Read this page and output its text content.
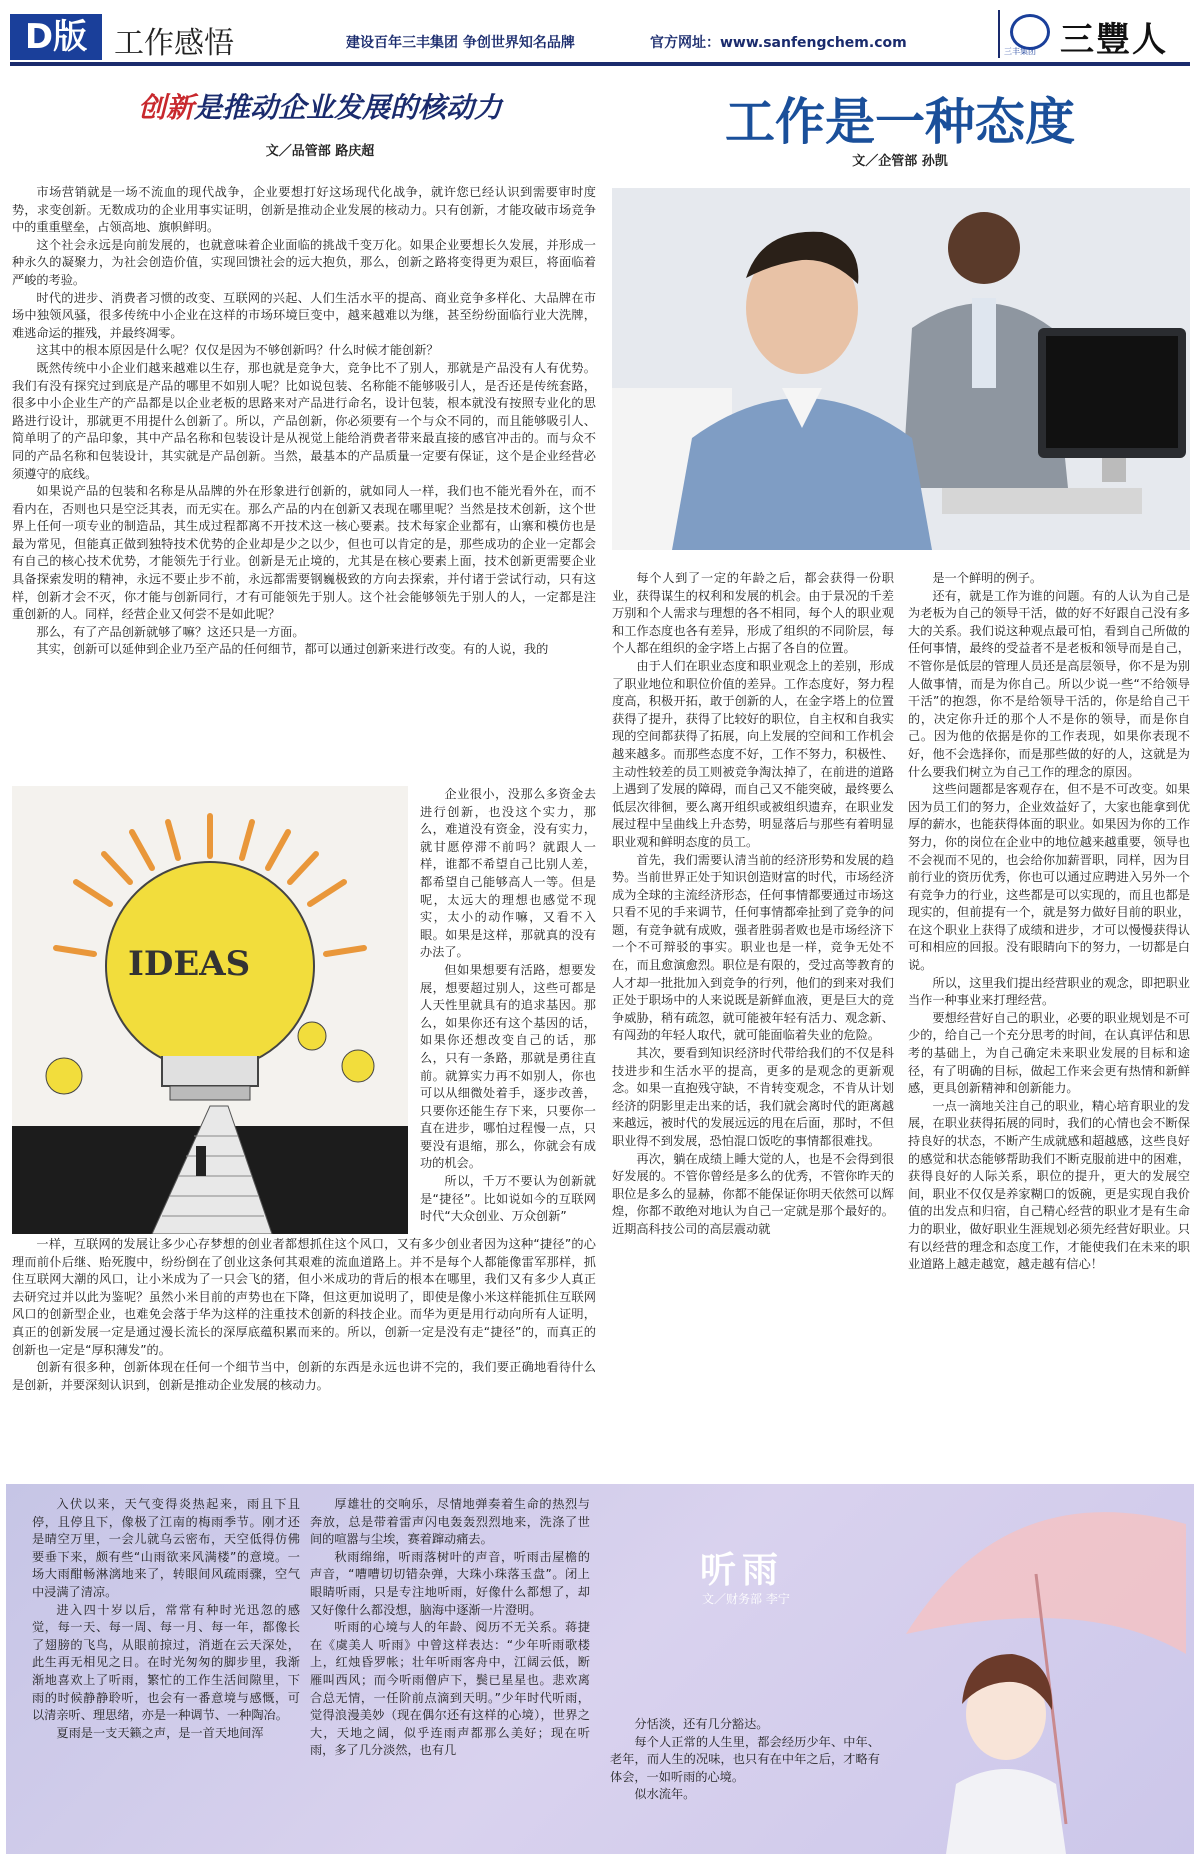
D版 工作感悟	建设百年三丰集团 争创世界知名品牌	官方网址：www.sanfengchem.com
三丰集团 三豐人
创新是推动企业发展的核动力
文／品管部 路庆超

市场营销就是一场不流血的现代战争，企业要想打好这场现代化战争，就许您已经认识到需要审时度势，求变创新。无数成功的企业用事实证明，创新是推动企业发展的核动力。只有创新，才能攻破市场竞争中的重重壁垒，占领高地、旗帜鲜明。

这个社会永远是向前发展的，也就意味着企业面临的挑战千变万化。如果企业要想长久发展，并形成一种永久的凝聚力，为社会创造价值，实现回馈社会的远大抱负，那么，创新之路将变得更为艰巨，将面临着严峻的考验。

时代的进步、消费者习惯的改变、互联网的兴起、人们生活水平的提高、商业竞争多样化、大品牌在市场中独领风骚，很多传统中小企业在这样的市场环境巨变中，越来越难以为继，甚至纷纷面临行业大洗牌，难逃命运的摧残，并最终凋零。

这其中的根本原因是什么呢？仅仅是因为不够创新吗？什么时候才能创新？

既然传统中小企业们越来越难以生存，那也就是竞争大，竞争比不了别人，那就是产品没有人有优势。我们有没有探究过到底是产品的哪里不如别人呢？比如说包装、名称能不能够吸引人，是否还是传统套路，很多中小企业生产的产品都是以企业老板的思路来对产品进行命名，设计包装，根本就没有按照专业化的思路进行设计，那就更不用提什么创新了。所以，产品创新，你必须要有一个与众不同的，而且能够吸引人、简单明了的产品印象，其中产品名称和包装设计是从视觉上能给消费者带来最直接的感官冲击的。而与众不同的产品名称和包装设计，其实就是产品创新。当然，最基本的产品质量一定要有保证，这个是企业经营必须遵守的底线。

如果说产品的包装和名称是从品牌的外在形象进行创新的，就如同人一样，我们也不能光看外在，而不看内在，否则也只是空泛其表，而无实在。那么产品的内在创新又表现在哪里呢？当然是技术创新，这个世界上任何一项专业的制造品，其生成过程都离不开技术这一核心要素。技术每家企业都有，山寨和模仿也是最为常见，但能真正做到独特技术优势的企业却是少之以少，但也可以肯定的是，那些成功的企业一定都会有自己的核心技术优势，才能领先于行业。创新是无止境的，尤其是在核心要素上面，技术创新更需要企业具备探索发明的精神，永远不要止步不前，永远都需要钢巍极致的方向去探索，并付诸于尝试行动，只有这样，创新才会不灭，你才能与创新同行，才有可能领先于别人。这个社会能够领先于别人的人，一定都是注重创新的人。同样，经营企业又何尝不是如此呢？

那么，有了产品创新就够了嘛？这还只是一方面。

其实，创新可以延伸到企业乃至产品的任何细节，都可以通过创新来进行改变。有的人说，我的

IDEAS

企业很小，没那么多资金去进行创新，也没这个实力，那么，难道没有资金，没有实力，就甘愿停滞不前吗？就跟人一样，谁都不希望自己比别人差，都希望自己能够高人一等。但是呢，太远大的理想也感觉不现实，太小的动作嘛，又看不入眼。如果是这样，那就真的没有办法了。

但如果想要有活路，想要发展，想要超过别人，这些可都是人天性里就具有的追求基因。那么，如果你还有这个基因的话，如果你还想改变自己的话，那么，只有一条路，那就是勇往直前。就算实力再不如别人，你也可以从细微处着手，逐步改善，只要你还能生存下来，只要你一直在进步，哪怕过程慢一点，只要没有退缩，那么，你就会有成功的机会。

所以，千万不要认为创新就是“捷径”。比如说如今的互联网时代“大众创业、万众创新”

一样，互联网的发展让多少心存梦想的创业者都想抓住这个风口，又有多少创业者因为这种“捷径”的心理而前仆后继、贻死腹中，纷纷倒在了创业这条何其艰难的流血道路上。并不是每个人都能像雷军那样，抓住互联网大潮的风口，让小米成为了一只会飞的猪，但小米成功的背后的根本在哪里，我们又有多少人真正去研究过并以此为鉴呢？虽然小米目前的声势也在下降，但这更加说明了，即使是像小米这样能抓住互联网风口的创新型企业，也难免会落于华为这样的注重技术创新的科技企业。而华为更是用行动向所有人证明，真正的创新发展一定是通过漫长流长的深厚底蕴积累而来的。所以，创新一定是没有走“捷径”的，而真正的创新也一定是“厚积薄发”的。

创新有很多种，创新体现在任何一个细节当中，创新的东西是永远也讲不完的，我们要正确地看待什么是创新，并要深刻认识到，创新是推动企业发展的核动力。

工作是一种态度
文／企管部 孙凯

每个人到了一定的年龄之后，都会获得一份职业，获得谋生的权利和发展的机会。由于景况的千差万别和个人需求与理想的各不相同，每个人的职业观和工作态度也各有差异，形成了组织的不同阶层，每个人都在组织的金字塔上占据了各自的位置。

由于人们在职业态度和职业观念上的差别，形成了职业地位和职位价值的差异。工作态度好，努力程度高，积极开拓，敢于创新的人，在金字塔上的位置获得了提升，获得了比较好的职位，自主权和自我实现的空间都获得了拓展，向上发展的空间和工作机会越来越多。而那些态度不好，工作不努力，积极性、主动性较差的员工则被竞争淘汰掉了，在前进的道路上遇到了发展的障碍，而自己又不能突破，最终要么低层次徘徊，要么离开组织或被组织遗弃，在职业发展过程中呈曲线上升态势，明显落后与那些有着明显职业观和鲜明态度的员工。

首先，我们需要认清当前的经济形势和发展的趋势。当前世界正处于知识创造财富的时代，市场经济成为全球的主流经济形态，任何事情都要通过市场这只看不见的手来调节，任何事情都牵扯到了竞争的问题，有竞争就有成败，强者胜弱者败也是市场经济下一个不可辩驳的事实。职业也是一样，竞争无处不在，而且愈演愈烈。职位是有限的，受过高等教育的人才却一批批加入到竞争的行列，他们的到来对我们正处于职场中的人来说既是新鲜血液，更是巨大的竞争威胁，稍有疏忽，就可能被年轻有活力、观念新、有闯劲的年轻人取代，就可能面临着失业的危险。

其次，要看到知识经济时代带给我们的不仅是科技进步和生活水平的提高，更多的是观念的更新观念。如果一直抱残守缺，不肯转变观念，不肯从计划经济的阴影里走出来的话，我们就会离时代的距离越来越远，被时代的发展远远的甩在后面，那时，不但职业得不到发展，恐怕混口饭吃的事情都很难找。

再次，躺在成绩上睡大觉的人，也是不会得到很好发展的。不管你曾经是多么的优秀，不管你昨天的职位是多么的显赫，你都不能保证你明天依然可以辉煌，你都不敢绝对地认为自己一定就是那个最好的。近期高科技公司的高层震动就

是一个鲜明的例子。

还有，就是工作为谁的问题。有的人认为自己是为老板为自己的领导干活，做的好不好跟自己没有多大的关系。我们说这种观点最可怕，看到自己所做的任何事情，最终的受益者不是老板和领导而是自己，不管你是低层的管理人员还是高层领导，你不是为别人做事情，而是为你自己。所以少说一些“不给领导干活”的抱怨，你不是给领导干活的，你是给自己干的，决定你升迁的那个人不是你的领导，而是你自己。因为他的依据是你的工作表现，如果你表现不好，他不会选择你，而是那些做的好的人，这就是为什么要我们树立为自己工作的理念的原因。

这些问题都是客观存在，但不是不可改变。如果因为员工们的努力，企业效益好了，大家也能拿到优厚的薪水，也能获得体面的职业。如果因为你的工作努力，你的岗位在企业中的地位越来越重要，领导也不会视而不见的，也会给你加薪晋职，同样，因为目前行业的资历优秀，你也可以通过应聘进入另外一个有竞争力的行业，这些都是可以实现的，而且也都是现实的，但前提有一个，就是努力做好目前的职业，在这个职业上获得了成绩和进步，才可以慢慢获得认可和相应的回报。没有眼睛向下的努力，一切都是白说。

所以，这里我们提出经营职业的观念，即把职业当作一种事业来打理经营。

要想经营好自己的职业，必要的职业规划是不可少的，给自己一个充分思考的时间，在认真评估和思考的基础上，为自己确定未来职业发展的目标和途径，有了明确的目标，做起工作来会更有热情和新鲜感，更具创新精神和创新能力。

一点一滴地关注自己的职业，精心培育职业的发展，在职业获得拓展的同时，我们的心情也会不断保持良好的状态，不断产生成就感和超越感，这些良好的感觉和状态能够帮助我们不断克服前进中的困难，获得良好的人际关系，职位的提升，更大的发展空间，职业不仅仅是养家糊口的饭碗，更是实现自我价值的出发点和归宿，自己精心经营的职业才是有生命力的职业，做好职业生涯规划必须先经营好职业。只有以经营的理念和态度工作，才能使我们在未来的职业道路上越走越宽，越走越有信心！

听雨
文／财务部 李宁

入伏以来，天气变得炎热起来，雨且下且停，且停且下，像极了江南的梅雨季节。刚才还是晴空万里，一会儿就乌云密布，天空低得仿佛要垂下来，颇有些“山雨欲来风满楼”的意境。一场大雨酣畅淋漓地来了，转眼间风疏雨骤，空气中浸满了清凉。

进入四十岁以后，常常有种时光迅忽的感觉，每一天、每一周、每一月、每一年，都像长了翅膀的飞鸟，从眼前掠过，消逝在云天深处，此生再无相见之日。在时光匆匆的脚步里，我渐渐地喜欢上了听雨，繁忙的工作生活间隙里，下雨的时候静静聆听，也会有一番意境与感慨，可以清亲听、理思绪，亦是一种调节、一种陶冶。

夏雨是一支天籁之声，是一首天地间浑

厚雄壮的交响乐，尽情地弹奏着生命的热烈与奔放，总是带着雷声闪电轰轰烈烈地来，洗涤了世间的喧嚣与尘埃，赛着蹿动痛去。

秋雨绵绵，听雨落树叶的声音，听雨击屋檐的声音，“嘈嘈切切错杂弹，大珠小珠落玉盘”。闭上眼睛听雨，只是专注地听雨，好像什么都想了，却又好像什么都没想，脑海中逐渐一片澄明。

听雨的心境与人的年龄、阅历不无关系。蒋捷在《虞美人 听雨》中曾这样表达：“少年听雨歌楼上，红烛昏罗帐；壮年听雨客舟中，江阔云低，断雁叫西风；而今听雨僧庐下，鬓已星星也。悲欢离合总无情，一任阶前点滴到天明。”少年时代听雨，觉得浪漫美妙（现在偶尔还有这样的心境），世界之大，天地之阔，似乎连雨声都那么美好；现在听雨，多了几分淡然，也有几

分恬淡，还有几分豁达。

每个人正常的人生里，都会经历少年、中年、老年，而人生的况味，也只有在中年之后，才略有体会，一如听雨的心境。

似水流年。
